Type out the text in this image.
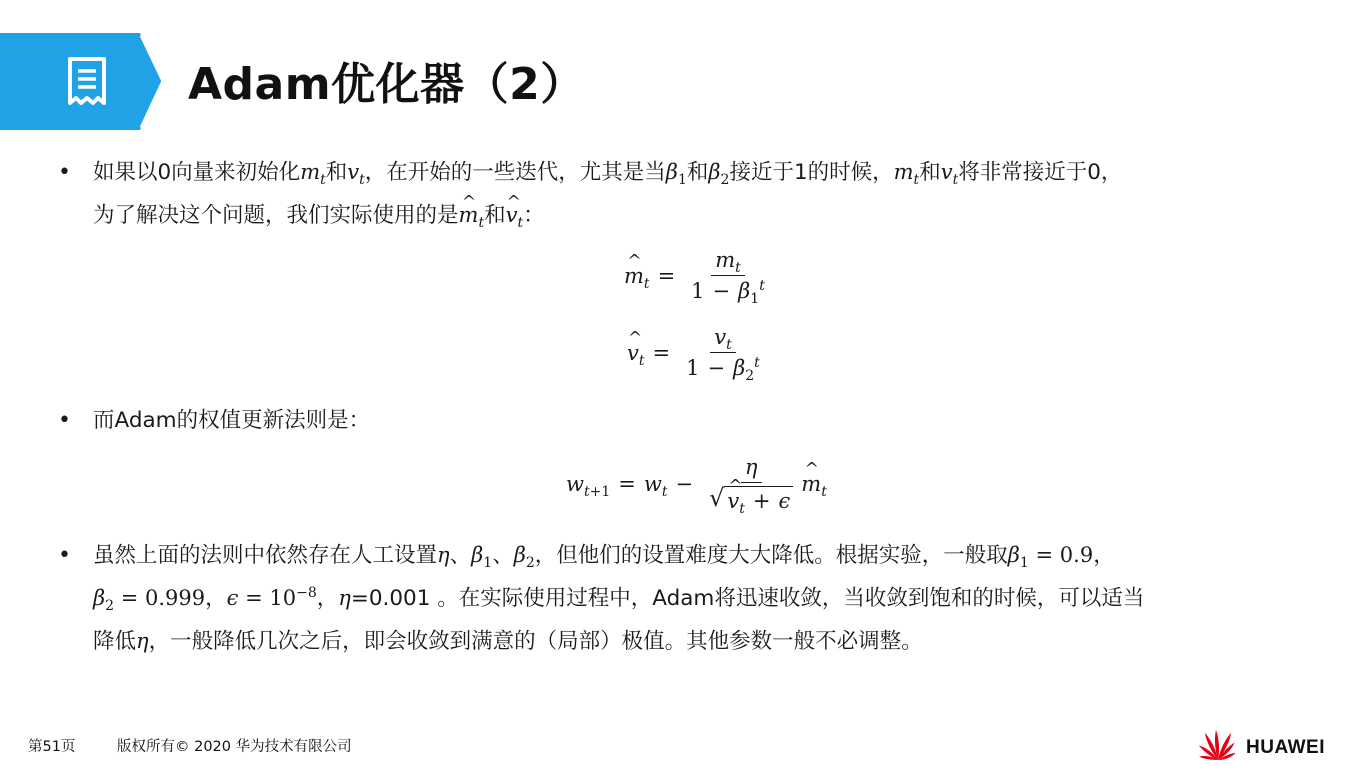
Adam优化器（2）
• 如果以0向量来初始化$m_t$和$v_t$，在开始的一些迭代，尤其是当$\beta_1$和$\beta_2$接近于1的时候，$m_t$和$v_t$将非常接近于0，
为了解决这个问题，我们实际使用的是^ $m_t$和^ $v_t$：
^ $m_t = \frac{m_t}{1 - \beta_1^t}$
^ $v_t = \frac{v_t}{1 - \beta_2^t}$
• 而Adam的权值更新法则是：
$w_{t+1} = w_t - \eta$
√
^ $v_t + \epsilon$
^ $m_t$
• 虽然上面的法则中依然存在人工设置η、$\beta_1$、$\beta_2$，但他们的设置难度大大降低。根据实验，一般取$\beta_1 = 0.9$，
$\beta_2 = 0.999$，$\epsilon = 10^{-8}$，η=0.001 。在实际使用过程中，Adam将迅速收敛，当收敛到饱和的时候，可以适当
降低η，一般降低几次之后，即会收敛到满意的（局部）极值。其他参数一般不必调整。
第51页	版权所有© 2020 华为技术有限公司	HUAWEI
